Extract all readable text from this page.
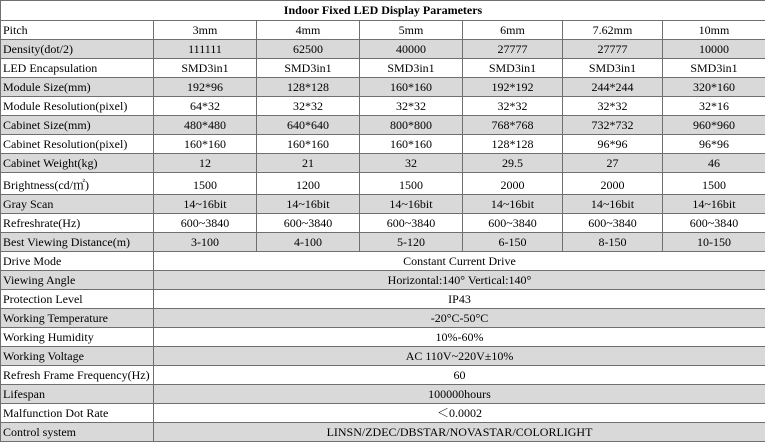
Indoor Fixed LED Display Parameters						
Pitch	3mm	4mm	5mm	6mm	7.62mm	10mm
Density(dot/2)	111111	62500	40000	27777	27777	10000
LED Encapsulation	SMD3in1	SMD3in1	SMD3in1	SMD3in1	SMD3in1	SMD3in1
Module Size(mm)	192*96	128*128	160*160	192*192	244*244	320*160
Module Resolution(pixel)	64*32	32*32	32*32	32*32	32*32	32*16
Cabinet Size(mm)	480*480	640*640	800*800	768*768	732*732	960*960
Cabinet Resolution(pixel)	160*160	160*160	160*160	128*128	96*96	96*96
Cabinet Weight(kg)	12	21	32	29.5	27	46
Brightness(cd/㎡)	1500	1200	1500	2000	2000	1500
Gray Scan	14~16bit	14~16bit	14~16bit	14~16bit	14~16bit	14~16bit
Refreshrate(Hz)	600~3840	600~3840	600~3840	600~3840	600~3840	600~3840
Best Viewing Distance(m)	3-100	4-100	5-120	6-150	8-150	10-150
Drive Mode	Constant Current Drive					
Viewing Angle	Horizontal:140° Vertical:140°					
Protection Level	IP43					
Working Temperature	-20°C-50°C					
Working Humidity	10%-60%					
Working Voltage	AC 110V~220V±10%					
Refresh Frame Frequency(Hz)	60					
Lifespan	100000hours					
Malfunction Dot Rate	＜0.0002					
Control system	LINSN/ZDEC/DBSTAR/NOVASTAR/COLORLIGHT					
